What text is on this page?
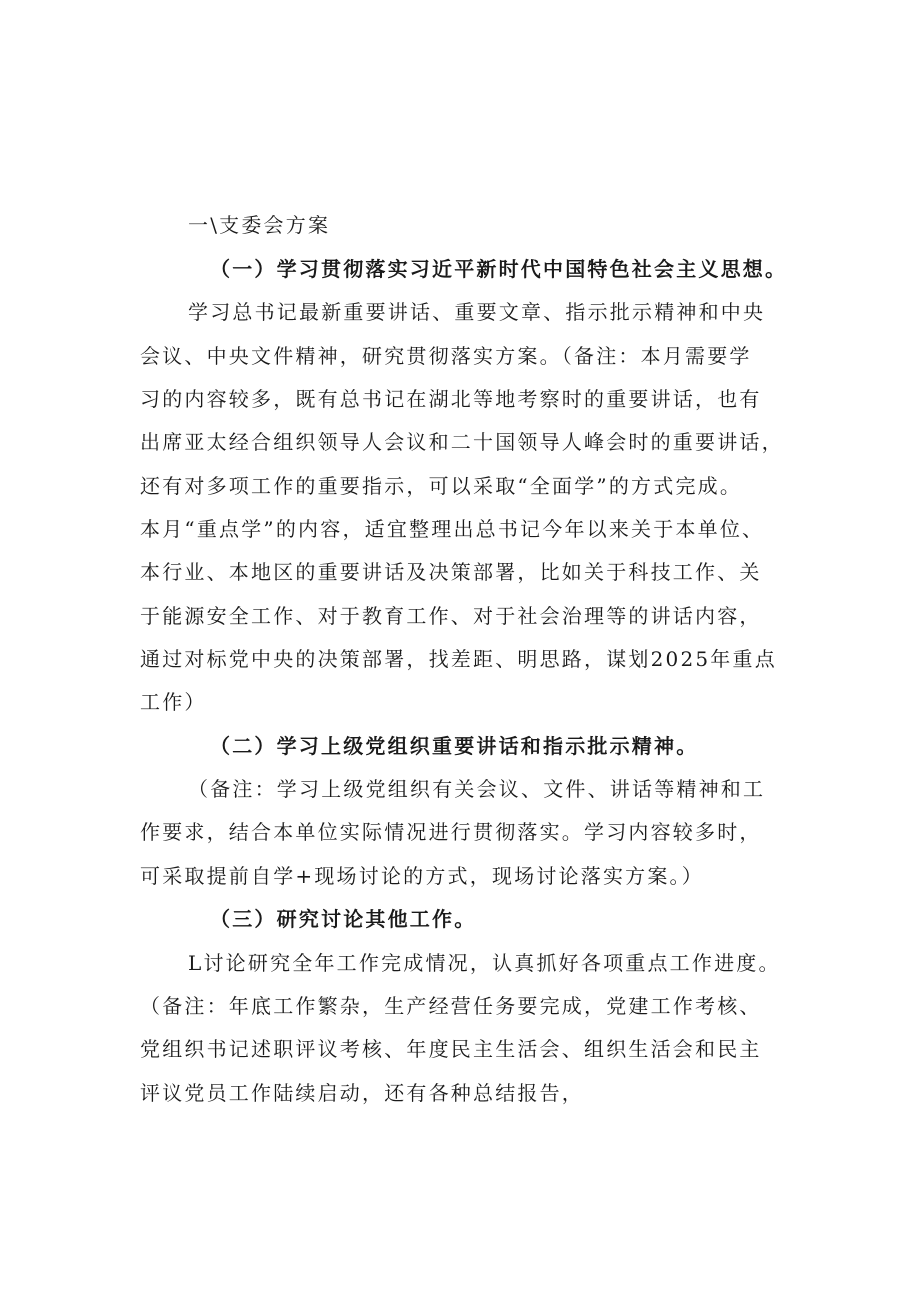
一\支委会方案
（一）学习贯彻落实习近平新时代中国特色社会主义思想。
学习总书记最新重要讲话、重要文章、指示批示精神和中央
会议、中央文件精神，研究贯彻落实方案。（备注：本月需要学
习的内容较多，既有总书记在湖北等地考察时的重要讲话，也有
出席亚太经合组织领导人会议和二十国领导人峰会时的重要讲话，
还有对多项工作的重要指示，可以采取“全面学”的方式完成。
本月“重点学”的内容，适宜整理出总书记今年以来关于本单位、
本行业、本地区的重要讲话及决策部署，比如关于科技工作、关
于能源安全工作、对于教育工作、对于社会治理等的讲话内容，
通过对标党中央的决策部署，找差距、明思路，谋划2025年重点
工作）
（二）学习上级党组织重要讲话和指示批示精神。
（备注：学习上级党组织有关会议、文件、讲话等精神和工
作要求，结合本单位实际情况进行贯彻落实。学习内容较多时，
可采取提前自学+现场讨论的方式，现场讨论落实方案。）
（三）研究讨论其他工作。
L讨论研究全年工作完成情况，认真抓好各项重点工作进度。
（备注：年底工作繁杂，生产经营任务要完成，党建工作考核、
党组织书记述职评议考核、年度民主生活会、组织生活会和民主
评议党员工作陆续启动，还有各种总结报告，
